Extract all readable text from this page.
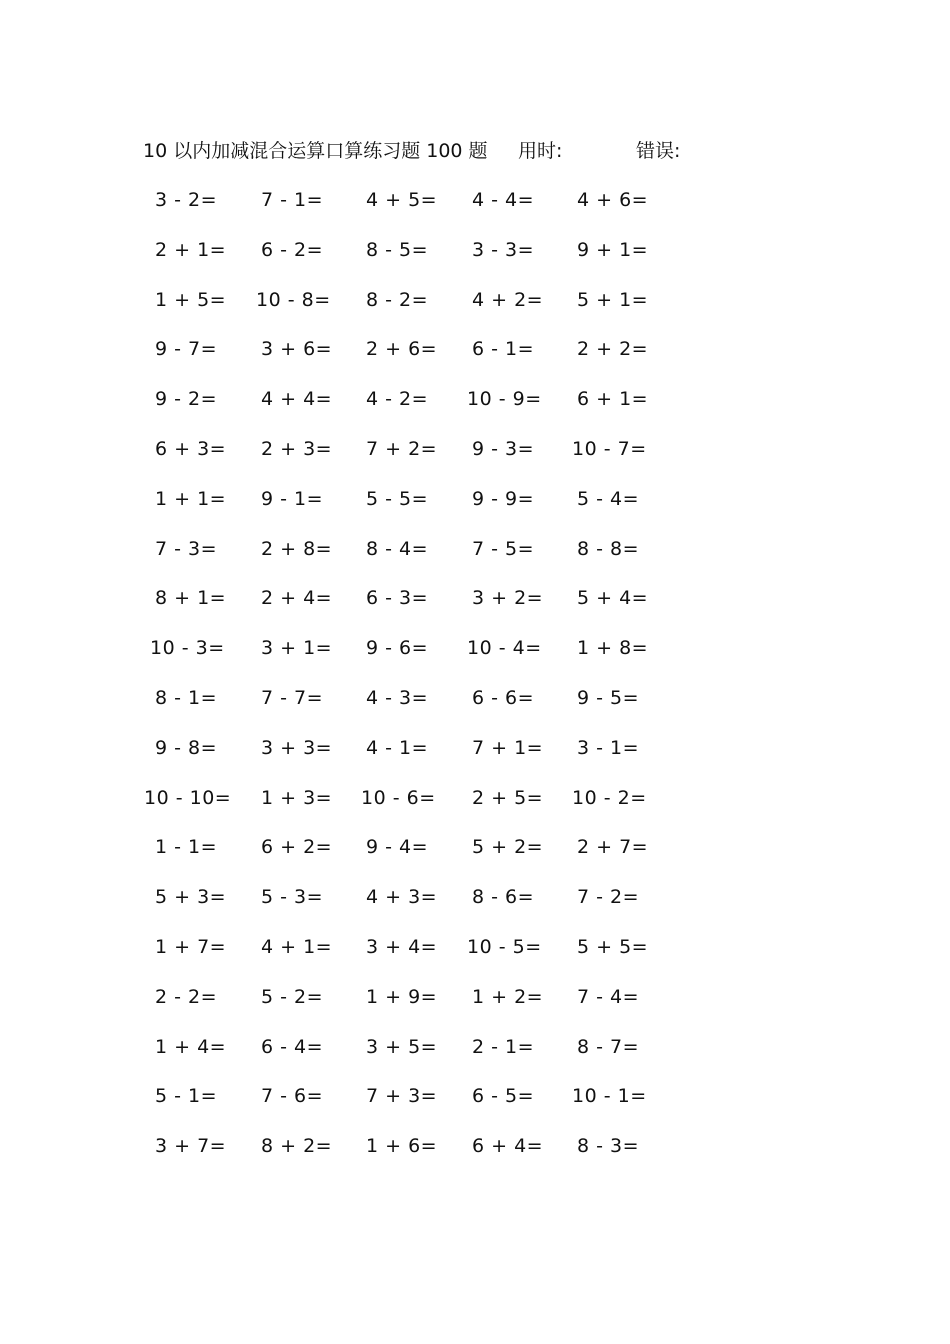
10 以内加减混合运算口算练习题 100 题 用时:	错误:
3 - 2= 7 - 1= 4 + 5= 4 - 4= 4 + 6=
2 + 1= 6 - 2= 8 - 5= 3 - 3= 9 + 1=
1 + 5= 10 - 8= 8 - 2= 4 + 2= 5 + 1=
9 - 7= 3 + 6= 2 + 6= 6 - 1= 2 + 2=
9 - 2= 4 + 4= 4 - 2= 10 - 9= 6 + 1=
6 + 3= 2 + 3= 7 + 2= 9 - 3= 10 - 7=
1 + 1= 9 - 1= 5 - 5= 9 - 9= 5 - 4=
7 - 3= 2 + 8= 8 - 4= 7 - 5= 8 - 8=
8 + 1= 2 + 4= 6 - 3= 3 + 2= 5 + 4=
10 - 3= 3 + 1= 9 - 6= 10 - 4= 1 + 8=
8 - 1= 7 - 7= 4 - 3= 6 - 6= 9 - 5=
9 - 8= 3 + 3= 4 - 1= 7 + 1= 3 - 1=
10 - 10= 1 + 3= 10 - 6= 2 + 5= 10 - 2=
1 - 1= 6 + 2= 9 - 4= 5 + 2= 2 + 7=
5 + 3= 5 - 3= 4 + 3= 8 - 6= 7 - 2=
1 + 7= 4 + 1= 3 + 4= 10 - 5= 5 + 5=
2 - 2= 5 - 2= 1 + 9= 1 + 2= 7 - 4=
1 + 4= 6 - 4= 3 + 5= 2 - 1= 8 - 7=
5 - 1= 7 - 6= 7 + 3= 6 - 5= 10 - 1=
3 + 7= 8 + 2= 1 + 6= 6 + 4= 8 - 3=
